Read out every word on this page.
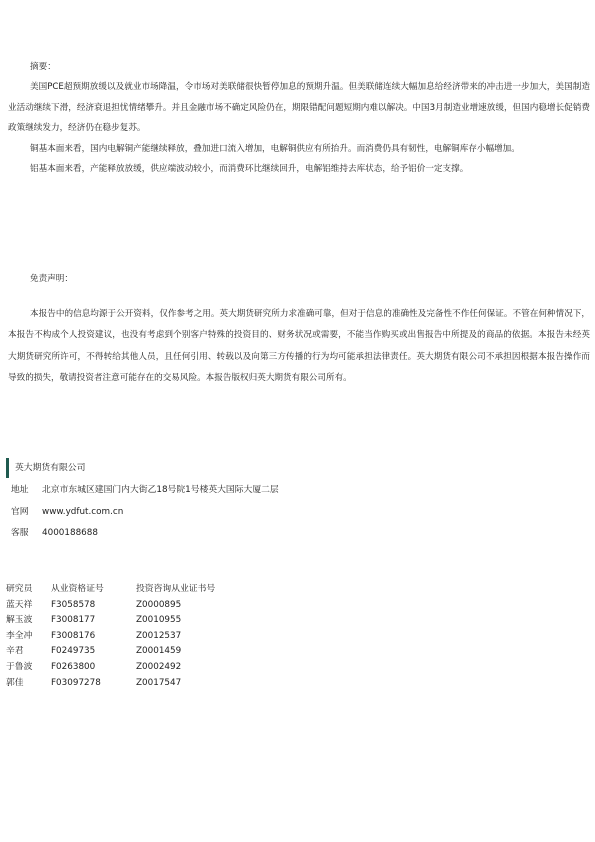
摘要：

美国PCE超预期放缓以及就业市场降温，令市场对美联储很快暂停加息的预期升温。但美联储连续大幅加息给经济带来的冲击进一步加大，美国制造业活动继续下滑，经济衰退担忧情绪攀升。并且金融市场不确定风险仍在，期限错配问题短期内难以解决。中国3月制造业增速放缓，但国内稳增长促销费政策继续发力，经济仍在稳步复苏。

铜基本面来看，国内电解铜产能继续释放，叠加进口流入增加，电解铜供应有所抬升。而消费仍具有韧性，电解铜库存小幅增加。

铝基本面来看，产能释放放缓，供应端波动较小，而消费环比继续回升，电解铝维持去库状态，给予铝价一定支撑。

免责声明：

本报告中的信息均源于公开资料，仅作参考之用。英大期货研究所力求准确可靠，但对于信息的准确性及完备性不作任何保证。不管在何种情况下，本报告不构成个人投资建议，也没有考虑到个别客户特殊的投资目的、财务状况或需要，不能当作购买或出售报告中所提及的商品的依据。本报告未经英大期货研究所许可，不得转给其他人员，且任何引用、转载以及向第三方传播的行为均可能承担法律责任。英大期货有限公司不承担因根据本报告操作而导致的损失，敬请投资者注意可能存在的交易风险。本报告版权归英大期货有限公司所有。

英大期货有限公司
地址	北京市东城区建国门内大街乙18号院1号楼英大国际大厦二层
官网	www.ydfut.com.cn
客服	4000188688
研究员	从业资格证号	投资咨询从业证书号
蓝天祥	F3058578	Z0000895
解玉波	F3008177	Z0010955
李全冲	F3008176	Z0012537
辛君	F0249735	Z0001459
于鲁波	F0263800	Z0002492
郭佳	F03097278	Z0017547
